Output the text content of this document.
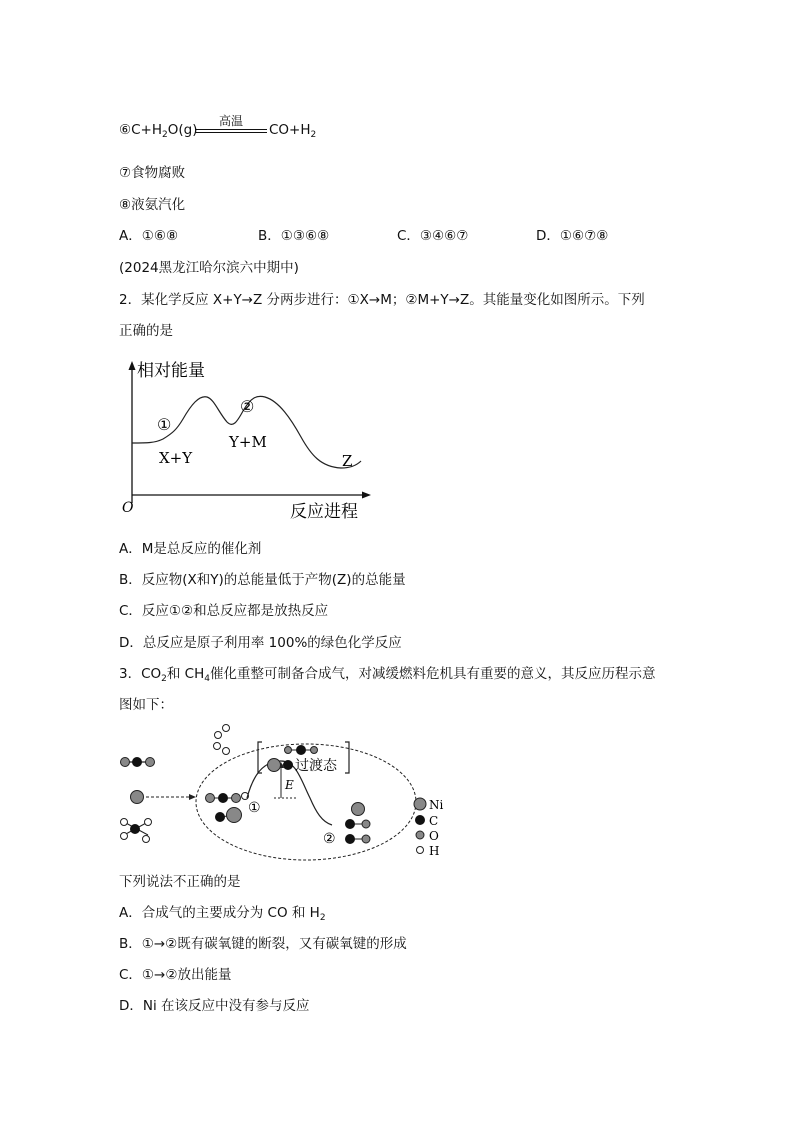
$⑥C+H_2O(g)$
高温
$CO+H_2$
⑦食物腐败
⑧液氨汽化
A．①⑥⑧	B．①③⑥⑧	C．③④⑥⑦	D．①⑥⑦⑧
(2024黑龙江哈尔滨六中期中)
2．某化学反应 X+Y→Z 分两步进行：①X→M；②M+Y→Z。其能量变化如图所示。下列
正确的是
相对能量
反应进程
O
①
②
X+Y
Y+M
Z
A．M是总反应的催化剂
B．反应物(X和Y)的总能量低于产物(Z)的总能量
C．反应①②和总反应都是放热反应
D．总反应是原子利用率 100%的绿色化学反应
3．$CO_2$和 $CH_4$催化重整可制备合成气，对减缓燃料危机具有重要的意义，其反应历程示意
图如下：
E
①
②
过渡态
Ni
C
O
H
下列说法不正确的是
A．合成气的主要成分为 CO 和 $H_2$
B．①→②既有碳氧键的断裂，又有碳氧键的形成
C．①→②放出能量
D．Ni 在该反应中没有参与反应
